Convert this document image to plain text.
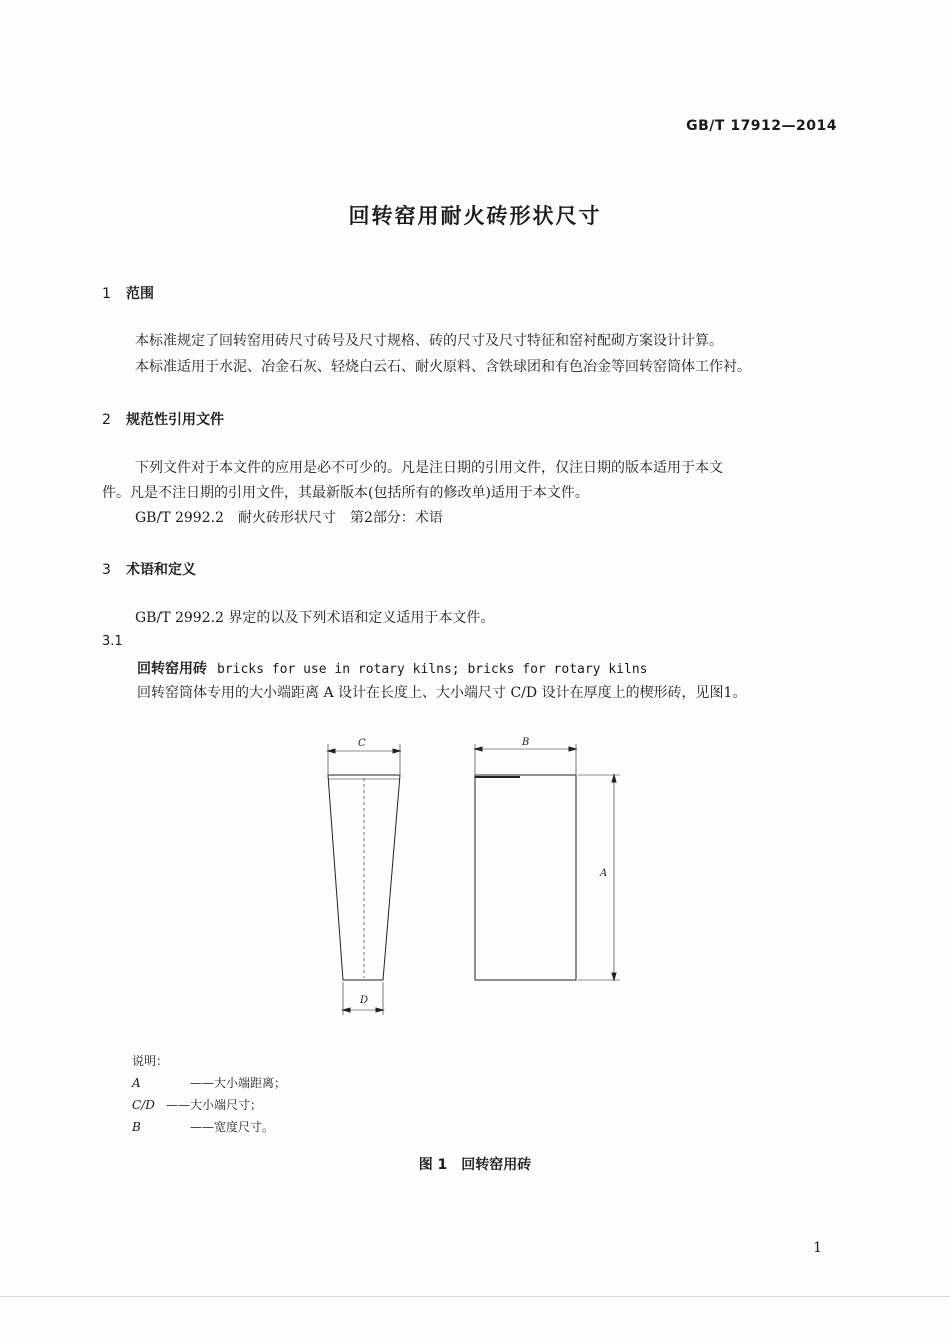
GB/T 17912—2014
回转窑用耐火砖形状尺寸
1 范围
本标准规定了回转窑用砖尺寸砖号及尺寸规格、砖的尺寸及尺寸特征和窑衬配砌方案设计计算。
本标准适用于水泥、冶金石灰、轻烧白云石、耐火原料、含铁球团和有色冶金等回转窑筒体工作衬。
2 规范性引用文件
下列文件对于本文件的应用是必不可少的。凡是注日期的引用文件，仅注日期的版本适用于本文
件。凡是不注日期的引用文件，其最新版本(包括所有的修改单)适用于本文件。
GB/T 2992.2　耐火砖形状尺寸　第2部分：术语
3 术语和定义
GB/T 2992.2 界定的以及下列术语和定义适用于本文件。
3.1
回转窑用砖 bricks for use in rotary kilns; bricks for rotary kilns
回转窑筒体专用的大小端距离 A 设计在长度上、大小端尺寸 C/D 设计在厚度上的楔形砖，见图1。
C
D
B
A
说明：
A	—— 大小端距离；
C/D —— 大小端尺寸；
B	—— 宽度尺寸。
图 1　回转窑用砖
1
